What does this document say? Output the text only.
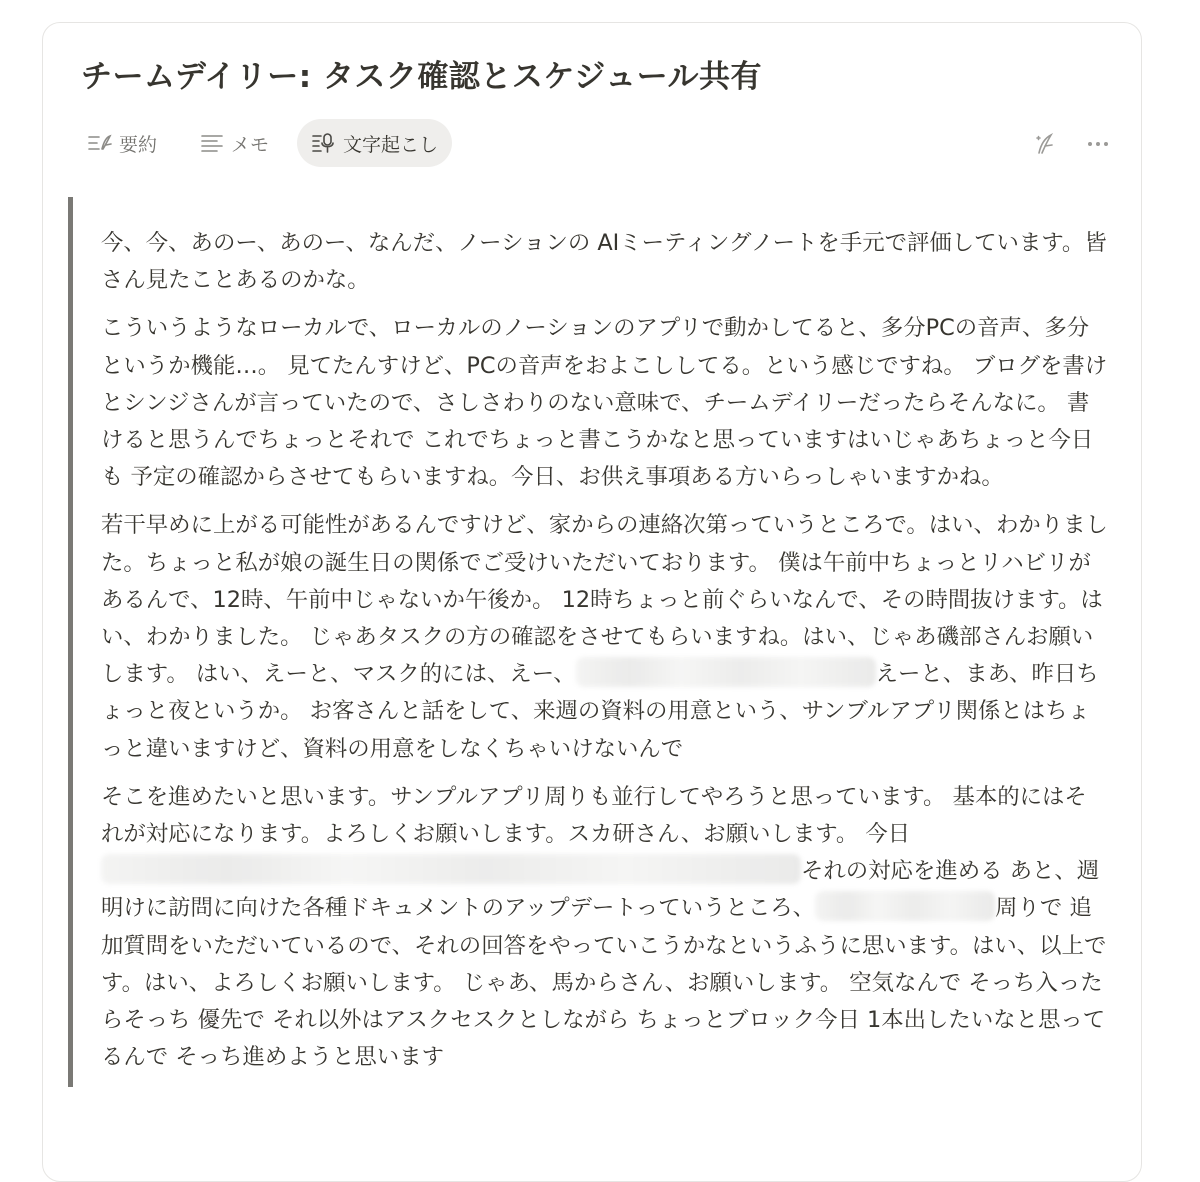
チームデイリー: タスク確認とスケジュール共有
要約	メモ	文字起こし

今、今、あのー、あのー、なんだ、ノーションの AIミーティングノートを手元で評価しています。皆さん見たことあるのかな。

こういうようなローカルで、ローカルのノーションのアプリで動かしてると、多分PCの音声、多分というか機能…。 見てたんすけど、PCの音声をおよこししてる。という感じですね。 ブログを書けとシンジさんが言っていたので、さしさわりのない意味で、チームデイリーだったらそんなに。 書けると思うんでちょっとそれで これでちょっと書こうかなと思っていますはいじゃあちょっと今日も 予定の確認からさせてもらいますね。今日、お供え事項ある方いらっしゃいますかね。

若干早めに上がる可能性があるんですけど、家からの連絡次第っていうところで。はい、わかりました。ちょっと私が娘の誕生日の関係でご受けいただいております。 僕は午前中ちょっとリハビリがあるんで、12時、午前中じゃないか午後か。 12時ちょっと前ぐらいなんで、その時間抜けます。はい、わかりました。 じゃあタスクの方の確認をさせてもらいますね。はい、じゃあ磯部さんお願いします。 はい、えーと、マスク的には、えー、	えーと、まあ、昨日ちょっと夜というか。 お客さんと話をして、来週の資料の用意という、サンブルアプリ関係とはちょっと違いますけど、資料の用意をしなくちゃいけないんで

そこを進めたいと思います。サンプルアプリ周りも並行してやろうと思っています。 基本的にはそれが対応になります。よろしくお願いします。スカ研さん、お願いします。 今日それの対応を進める あと、週明けに訪問に向けた各種ドキュメントのアップデートっていうところ、	周りで 追加質問をいただいているので、それの回答をやっていこうかなというふうに思います。はい、以上です。はい、よろしくお願いします。 じゃあ、馬からさん、お願いします。 空気なんで そっち入ったらそっち 優先で それ以外はアスクセスクとしながら ちょっとブロック今日 1本出したいなと思ってるんで そっち進めようと思います
